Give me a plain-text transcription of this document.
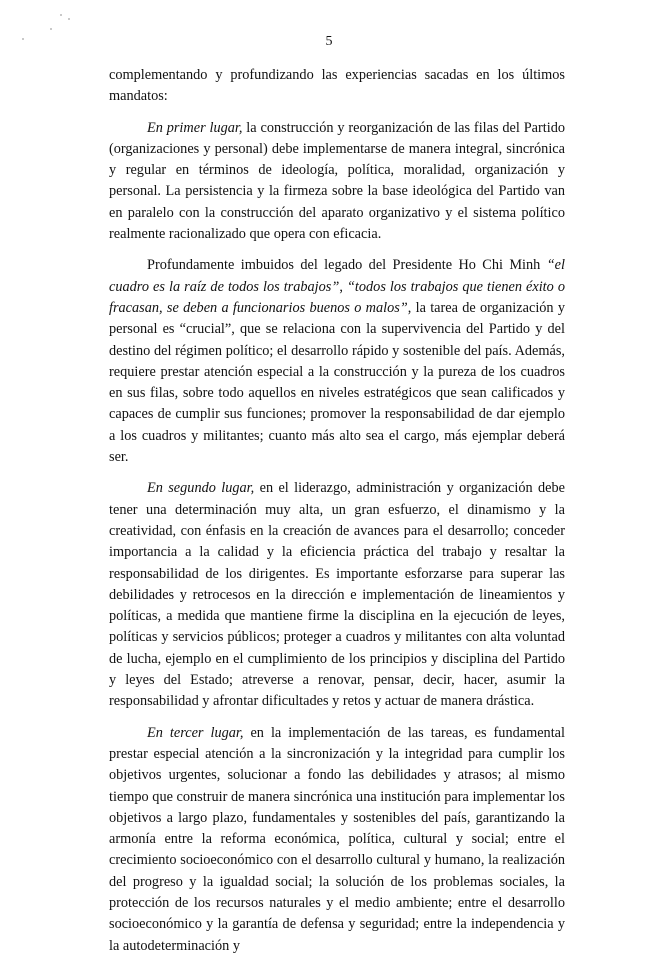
5

complementando y profundizando las experiencias sacadas en los últimos mandatos:

En primer lugar, la construcción y reorganización de las filas del Partido (organizaciones y personal) debe implementarse de manera integral, sincrónica y regular en términos de ideología, política, moralidad, organización y personal. La persistencia y la firmeza sobre la base ideológica del Partido van en paralelo con la construcción del aparato organizativo y el sistema político realmente racionalizado que opera con eficacia.

Profundamente imbuidos del legado del Presidente Ho Chi Minh “el cuadro es la raíz de todos los trabajos”, “todos los trabajos que tienen éxito o fracasan, se deben a funcionarios buenos o malos”, la tarea de organización y personal es “crucial”, que se relaciona con la supervivencia del Partido y del destino del régimen político; el desarrollo rápido y sostenible del país. Además, requiere prestar atención especial a la construcción y la pureza de los cuadros en sus filas, sobre todo aquellos en niveles estratégicos que sean calificados y capaces de cumplir sus funciones; promover la responsabilidad de dar ejemplo a los cuadros y militantes; cuanto más alto sea el cargo, más ejemplar deberá ser.

En segundo lugar, en el liderazgo, administración y organización debe tener una determinación muy alta, un gran esfuerzo, el dinamismo y la creatividad, con énfasis en la creación de avances para el desarrollo; conceder importancia a la calidad y la eficiencia práctica del trabajo y resaltar la responsabilidad de los dirigentes. Es importante esforzarse para superar las debilidades y retrocesos en la dirección e implementación de lineamientos y políticas, a medida que mantiene firme la disciplina en la ejecución de leyes, políticas y servicios públicos; proteger a cuadros y militantes con alta voluntad de lucha, ejemplo en el cumplimiento de los principios y disciplina del Partido y leyes del Estado; atreverse a renovar, pensar, decir, hacer, asumir la responsabilidad y afrontar dificultades y retos y actuar de manera drástica.

En tercer lugar, en la implementación de las tareas, es fundamental prestar especial atención a la sincronización y la integridad para cumplir los objetivos urgentes, solucionar a fondo las debilidades y atrasos; al mismo tiempo que construir de manera sincrónica una institución para implementar los objetivos a largo plazo, fundamentales y sostenibles del país, garantizando la armonía entre la reforma económica, política, cultural y social; entre el crecimiento socioeconómico con el desarrollo cultural y humano, la realización del progreso y la igualdad social; la solución de los problemas sociales, la protección de los recursos naturales y el medio ambiente; entre el desarrollo socioeconómico y la garantía de defensa y seguridad; entre la independencia y la autodeterminación y
